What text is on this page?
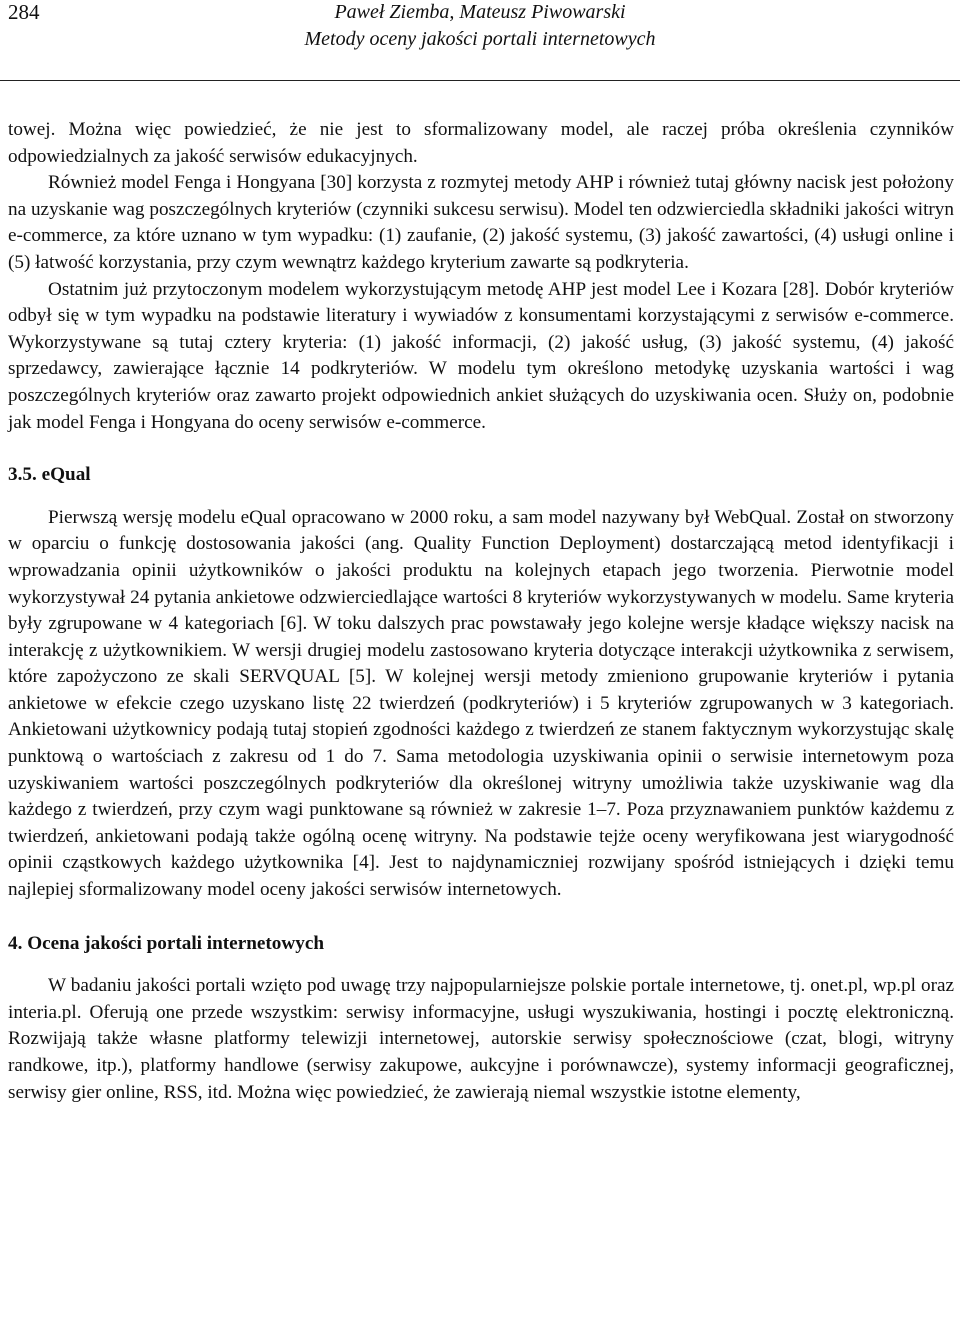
284	Paweł Ziemba, Mateusz Piwowarski
Metody oceny jakości portali internetowych

towej. Można więc powiedzieć, że nie jest to sformalizowany model, ale raczej próba określenia czynników odpowiedzialnych za jakość serwisów edukacyjnych.

Również model Fenga i Hongyana [30] korzysta z rozmytej metody AHP i również tutaj główny nacisk jest położony na uzyskanie wag poszczególnych kryteriów (czynniki sukcesu serwisu). Model ten odzwierciedla składniki jakości witryn e-commerce, za które uznano w tym wypadku: (1) zaufanie, (2) jakość systemu, (3) jakość zawartości, (4) usługi online i (5) łatwość korzystania, przy czym wewnątrz każdego kryterium zawarte są podkryteria.

Ostatnim już przytoczonym modelem wykorzystującym metodę AHP jest model Lee i Kozara [28]. Dobór kryteriów odbył się w tym wypadku na podstawie literatury i wywiadów z konsumentami korzystającymi z serwisów e-commerce. Wykorzystywane są tutaj cztery kryteria: (1) jakość informacji, (2) jakość usług, (3) jakość systemu, (4) jakość sprzedawcy, zawierające łącznie 14 podkryteriów. W modelu tym określono metodykę uzyskania wartości i wag poszczególnych kryteriów oraz zawarto projekt odpowiednich ankiet służących do uzyskiwania ocen. Służy on, podobnie jak model Fenga i Hongyana do oceny serwisów e-commerce.

3.5. eQual

Pierwszą wersję modelu eQual opracowano w 2000 roku, a sam model nazywany był WebQual. Został on stworzony w oparciu o funkcję dostosowania jakości (ang. Quality Function Deployment) dostarczającą metod identyfikacji i wprowadzania opinii użytkowników o jakości produktu na kolejnych etapach jego tworzenia. Pierwotnie model wykorzystywał 24 pytania ankietowe odzwierciedlające wartości 8 kryteriów wykorzystywanych w modelu. Same kryteria były zgrupowane w 4 kategoriach [6]. W toku dalszych prac powstawały jego kolejne wersje kładące większy nacisk na interakcję z użytkownikiem. W wersji drugiej modelu zastosowano kryteria dotyczące interakcji użytkownika z serwisem, które zapożyczono ze skali SERVQUAL [5]. W kolejnej wersji metody zmieniono grupowanie kryteriów i pytania ankietowe w efekcie czego uzyskano listę 22 twierdzeń (podkryteriów) i 5 kryteriów zgrupowanych w 3 kategoriach. Ankietowani użytkownicy podają tutaj stopień zgodności każdego z twierdzeń ze stanem faktycznym wykorzystując skalę punktową o wartościach z zakresu od 1 do 7. Sama metodologia uzyskiwania opinii o serwisie internetowym poza uzyskiwaniem wartości poszczególnych podkryteriów dla określonej witryny umożliwia także uzyskiwanie wag dla każdego z twierdzeń, przy czym wagi punktowane są również w zakresie 1–7. Poza przyznawaniem punktów każdemu z twierdzeń, ankietowani podają także ogólną ocenę witryny. Na podstawie tejże oceny weryfikowana jest wiarygodność opinii cząstkowych każdego użytkownika [4]. Jest to najdynamiczniej rozwijany spośród istniejących i dzięki temu najlepiej sformalizowany model oceny jakości serwisów internetowych.

4. Ocena jakości portali internetowych

W badaniu jakości portali wzięto pod uwagę trzy najpopularniejsze polskie portale internetowe, tj. onet.pl, wp.pl oraz interia.pl. Oferują one przede wszystkim: serwisy informacyjne, usługi wyszukiwania, hostingi i pocztę elektroniczną. Rozwijają także własne platformy telewizji internetowej, autorskie serwisy społecznościowe (czat, blogi, witryny randkowe, itp.), platformy handlowe (serwisy zakupowe, aukcyjne i porównawcze), systemy informacji geograficznej, serwisy gier online, RSS, itd. Można więc powiedzieć, że zawierają niemal wszystkie istotne elementy,
